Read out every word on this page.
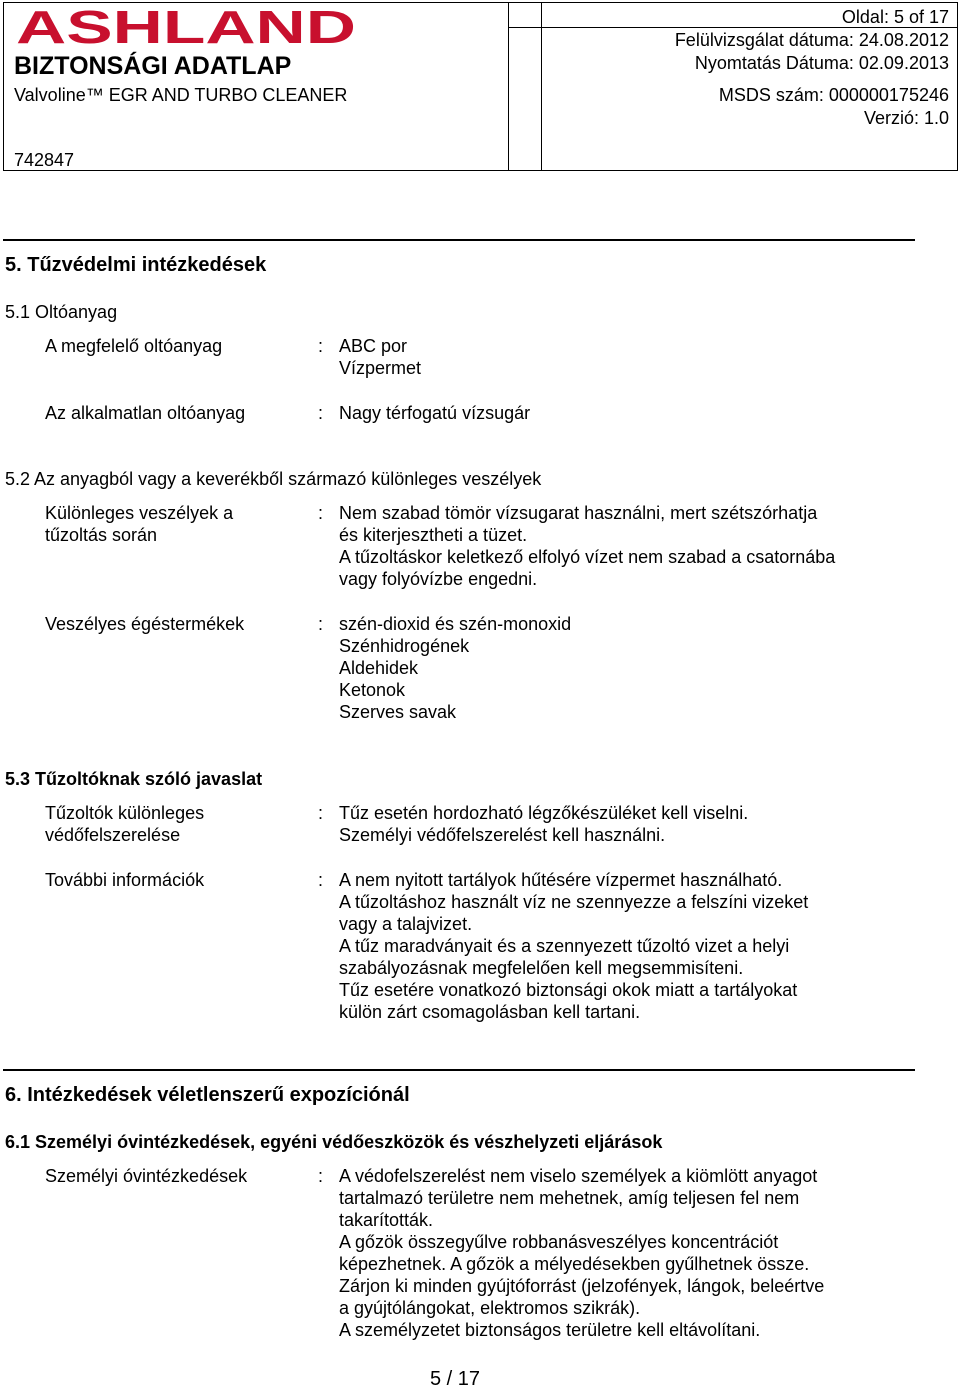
ASHLAND
BIZTONSÁGI ADATLAP
Valvoline™ EGR AND TURBO CLEANER
742847
Oldal: 5 of 17
Felülvizsgálat dátuma: 24.08.2012
Nyomtatás Dátuma: 02.09.2013
MSDS szám: 000000175246
Verzió: 1.0
5. Tűzvédelmi intézkedések
5.1 Oltóanyag
A megfelelő oltóanyag	: ABC por
Vízpermet
Az alkalmatlan oltóanyag	: Nagy térfogatú vízsugár
5.2 Az anyagból vagy a keverékből származó különleges veszélyek
Különleges veszélyek a
tűzoltás során
: Nem szabad tömör vízsugarat használni, mert szétszórhatja
és kiterjesztheti a tüzet.
A tűzoltáskor keletkező elfolyó vízet nem szabad a csatornába
vagy folyóvízbe engedni.
Veszélyes égéstermékek	: szén-dioxid és szén-monoxid
Szénhidrogének
Aldehidek
Ketonok
Szerves savak
5.3 Tűzoltóknak szóló javaslat
Tűzoltók különleges
védőfelszerelése
: Tűz esetén hordozható légzőkészüléket kell viselni.
Személyi védőfelszerelést kell használni.
További információk	: A nem nyitott tartályok hűtésére vízpermet használható.
A tűzoltáshoz használt víz ne szennyezze a felszíni vizeket
vagy a talajvizet.
A tűz maradványait és a szennyezett tűzoltó vizet a helyi
szabályozásnak megfelelően kell megsemmisíteni.
Tűz esetére vonatkozó biztonsági okok miatt a tartályokat
külön zárt csomagolásban kell tartani.
6. Intézkedések véletlenszerű expozíciónál
6.1 Személyi óvintézkedések, egyéni védőeszközök és vészhelyzeti eljárások
Személyi óvintézkedések	: A védofelszerelést nem viselo személyek a kiömlött anyagot
tartalmazó területre nem mehetnek, amíg teljesen fel nem
takarították.
A gőzök összegyűlve robbanásveszélyes koncentrációt
képezhetnek. A gőzök a mélyedésekben gyűlhetnek össze.
Zárjon ki minden gyújtóforrást (jelzofények, lángok, beleértve
a gyújtólángokat, elektromos szikrák).
A személyzetet biztonságos területre kell eltávolítani.
5 / 17
